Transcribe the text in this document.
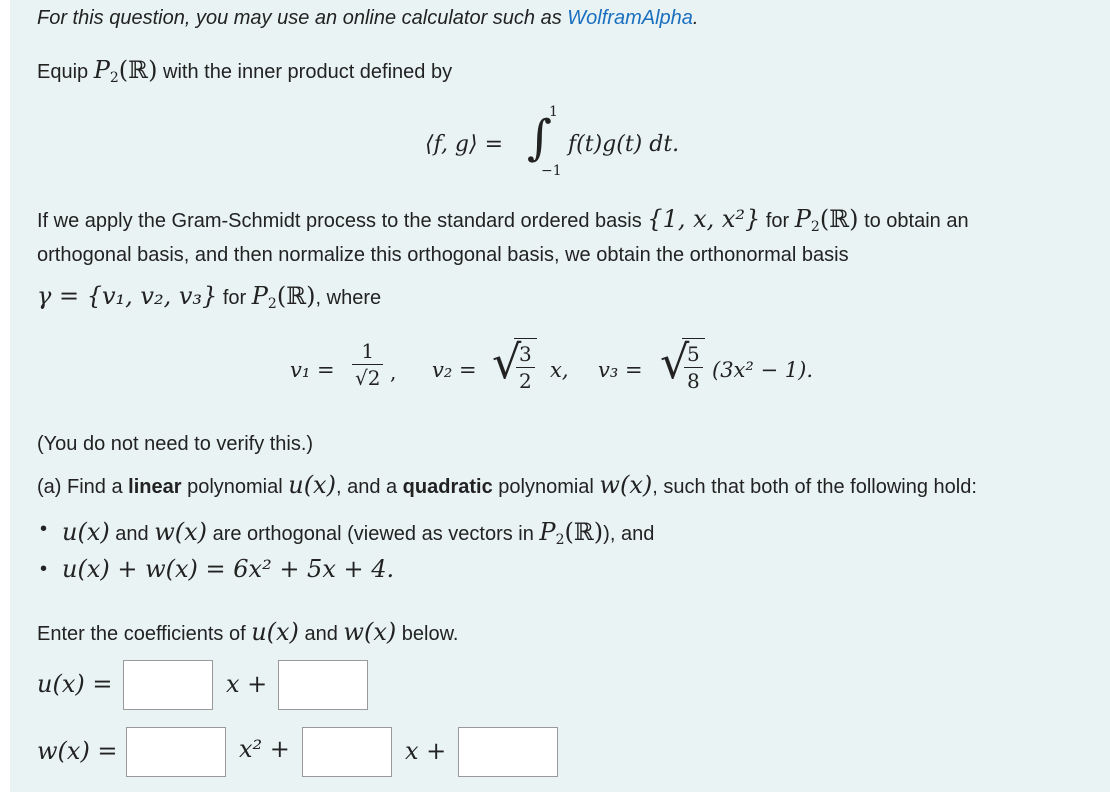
For this question, you may use an online calculator such as WolframAlpha.
Equip $P_2(ℝ)$ with the inner product defined by
⟨f, g⟩ = ∫
1
−1
f(t)g(t) dt.
If we apply the Gram-Schmidt process to the standard ordered basis {1, x, x²} for $P_2(ℝ)$ to obtain an
orthogonal basis, and then normalize this orthogonal basis, we obtain the orthonormal basis
γ = {v₁, v₂, v₃} for $P_2(ℝ)$, where
$v_1 = \frac{1}{√2}$ , v₂ = √
$\frac{3}{2} x$, v₃ = √
$\frac{5}{8} (3x^2 - 1)$.
(You do not need to verify this.)
(a) Find a linear polynomial u(x), and a quadratic polynomial w(x), such that both of the following hold:
• u(x) and w(x) are orthogonal (viewed as vectors in $P_2(ℝ)$), and
• u(x) + w(x) = 6x² + 5x + 4.
Enter the coefficients of u(x) and w(x) below.
u(x) =	x +
w(x) =	x² +	x +
